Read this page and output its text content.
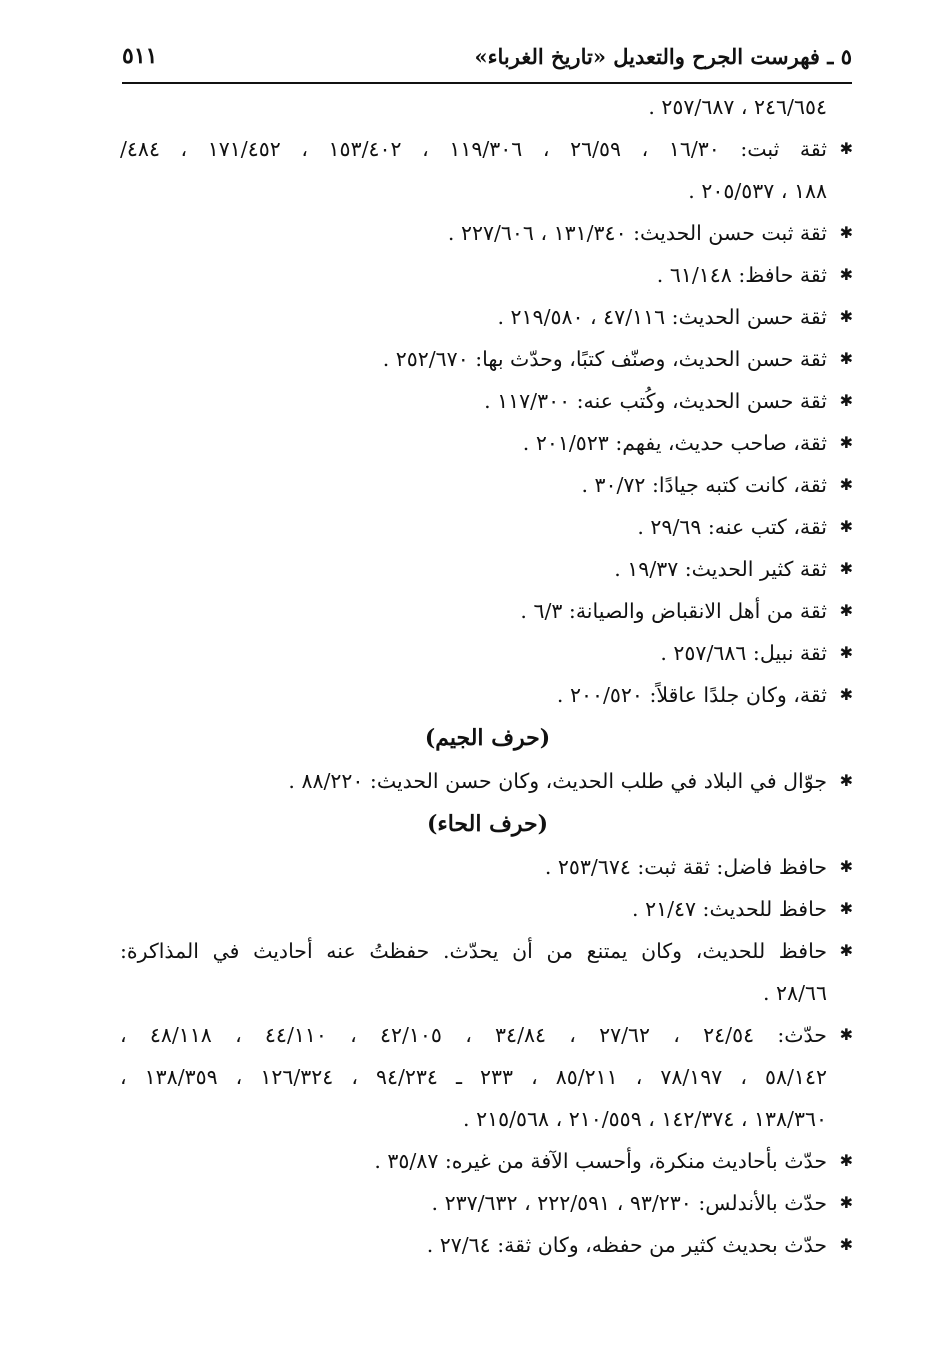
٥ ـ فهرست الجرح والتعديل «تاريخ الغرباء»
٥١١
٢٤٦/٦٥٤ ، ٢٥٧/٦٨٧ .
✱
ثقة ثبت: ١٦/٣٠ ، ٢٦/٥٩ ، ١١٩/٣٠٦ ، ١٥٣/٤٠٢ ، ١٧١/٤٥٢ ، ٤٨٤/
١٨٨ ، ٢٠٥/٥٣٧ .
✱
ثقة ثبت حسن الحديث: ١٣١/٣٤٠ ، ٢٢٧/٦٠٦ .
✱
ثقة حافظ: ٦١/١٤٨ .
✱
ثقة حسن الحديث: ٤٧/١١٦ ، ٢١٩/٥٨٠ .
✱
ثقة حسن الحديث، وصنّف كتبًا، وحدّث بها: ٢٥٢/٦٧٠ .
✱
ثقة حسن الحديث، وكُتب عنه: ١١٧/٣٠٠ .
✱
ثقة، صاحب حديث، يفهم: ٢٠١/٥٢٣ .
✱
ثقة، كانت كتبه جيادًا: ٣٠/٧٢ .
✱
ثقة، كتب عنه: ٢٩/٦٩ .
✱
ثقة كثير الحديث: ١٩/٣٧ .
✱
ثقة من أهل الانقباض والصيانة: ٦/٣ .
✱
ثقة نبيل: ٢٥٧/٦٨٦ .
✱
ثقة، وكان جلدًا عاقلاً: ٢٠٠/٥٢٠ .
(حرف الجيم)
✱
جوّال في البلاد في طلب الحديث، وكان حسن الحديث: ٨٨/٢٢٠ .
(حرف الحاء)
✱
حافظ فاضل: ثقة ثبت: ٢٥٣/٦٧٤ .
✱
حافظ للحديث: ٢١/٤٧ .
✱
حافظ للحديث، وكان يمتنع من أن يحدّث. حفظتُ عنه أحاديث في المذاكرة:
٢٨/٦٦ .
✱
حدّث: ٢٤/٥٤ ، ٢٧/٦٢ ، ٣٤/٨٤ ، ٤٢/١٠٥ ، ٤٤/١١٠ ، ٤٨/١١٨ ،
٥٨/١٤٢ ، ٧٨/١٩٧ ، ٨٥/٢١١ ، ٢٣٣ ـ ٩٤/٢٣٤ ، ١٢٦/٣٢٤ ، ١٣٨/٣٥٩ ،
١٣٨/٣٦٠ ، ١٤٢/٣٧٤ ، ٢١٠/٥٥٩ ، ٢١٥/٥٦٨ .
✱
حدّث بأحاديث منكرة، وأحسب الآفة من غيره: ٣٥/٨٧ .
✱
حدّث بالأندلس: ٩٣/٢٣٠ ، ٢٢٢/٥٩١ ، ٢٣٧/٦٣٢ .
✱
حدّث بحديث كثير من حفظه، وكان ثقة: ٢٧/٦٤ .
